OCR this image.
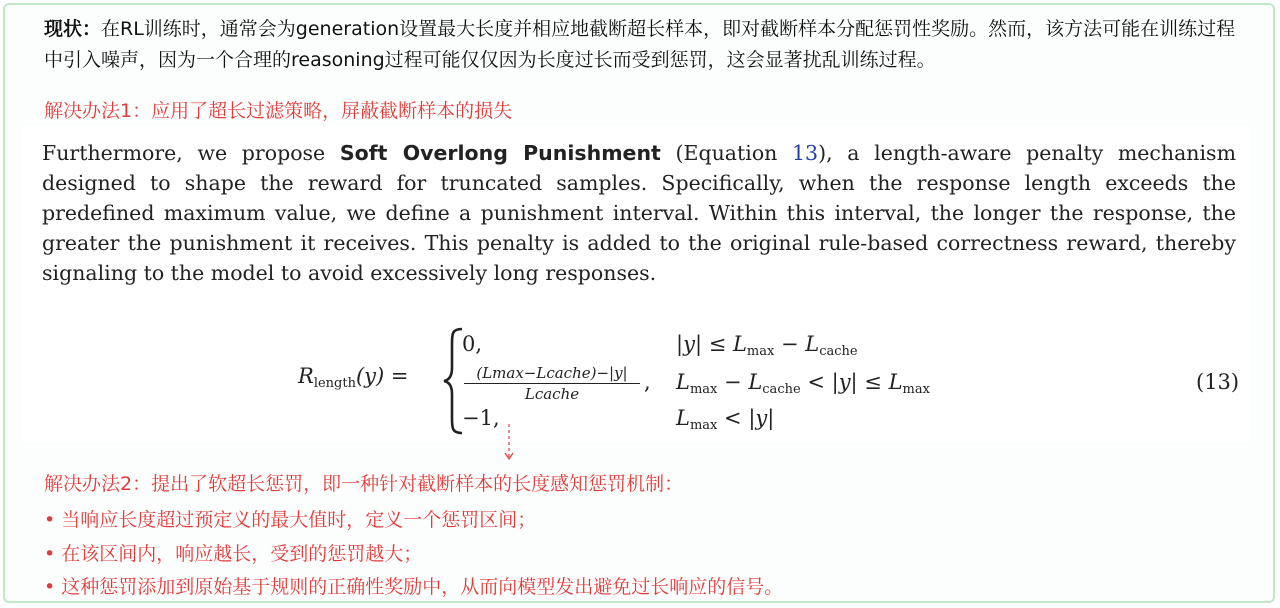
现状：在RL训练时，通常会为generation设置最大长度并相应地截断超长样本，即对截断样本分配惩罚性奖励。然而，该方法可能在训练过程中引入噪声，因为一个合理的reasoning过程可能仅仅因为长度过长而受到惩罚，这会显著扰乱训练过程。
解决办法1：应用了超长过滤策略，屏蔽截断样本的损失
Furthermore, we propose Soft Overlong Punishment (Equation 13), a length-aware penalty mechanism designed to shape the reward for truncated samples. Specifically, when the response length exceeds the predefined maximum value, we define a punishment interval. Within this interval, the longer the response, the greater the punishment it receives. This penalty is added to the original rule-based correctness reward, thereby signaling to the model to avoid excessively long responses.
$R_{length}(y)$ =
0,	$|y| \le L_{max} - L_{cache}$
(Lmax−Lcache)−|y|
Lcache	, $L_{max} - L_{cache} < |y| \le L_{max}$
−1,	$L_{max} < |y|$
(13)
解决办法2：提出了软超长惩罚，即一种针对截断样本的长度感知惩罚机制：
• 当响应长度超过预定义的最大值时，定义一个惩罚区间；
• 在该区间内，响应越长，受到的惩罚越大；
• 这种惩罚添加到原始基于规则的正确性奖励中，从而向模型发出避免过长响应的信号。
